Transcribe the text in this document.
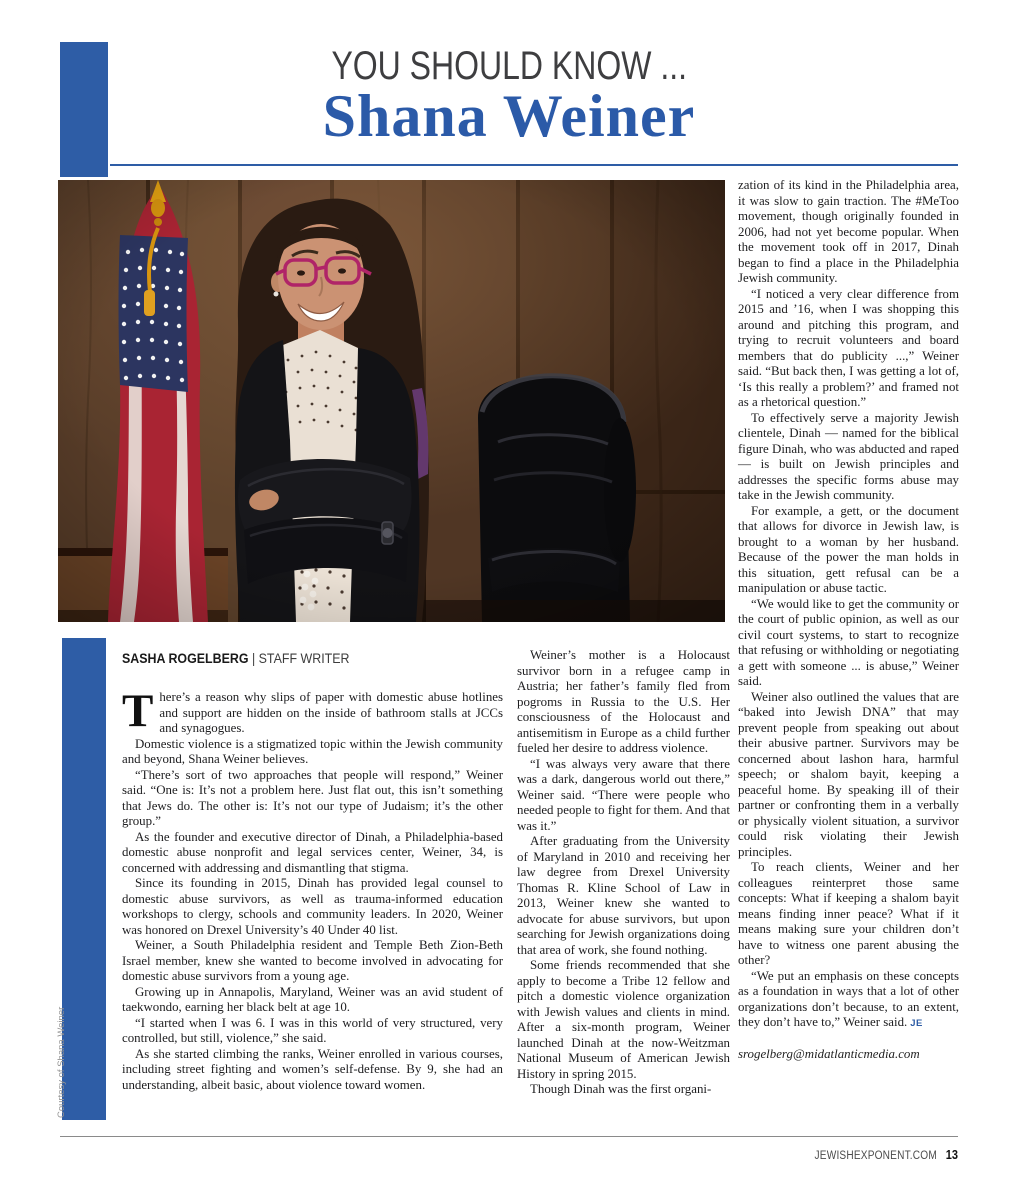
YOU SHOULD KNOW ...
Shana Weiner
SASHA ROGELBERG | STAFF WRITER

There’s a reason why slips of paper with domestic abuse hotlines and support are hidden on the inside of bathroom stalls at JCCs and synagogues.

Domestic violence is a stigmatized topic within the Jewish community and beyond, Shana Weiner believes.

“There’s sort of two approaches that people will respond,” Weiner said. “One is: It’s not a problem here. Just flat out, this isn’t something that Jews do. The other is: It’s not our type of Judaism; it’s the other group.”

As the founder and executive director of Dinah, a Philadelphia-based domestic abuse nonprofit and legal services center, Weiner, 34, is concerned with addressing and dismantling that stigma.

Since its founding in 2015, Dinah has provided legal counsel to domestic abuse survivors, as well as trauma-informed education workshops to clergy, schools and community leaders. In 2020, Weiner was honored on Drexel University’s 40 Under 40 list.

Weiner, a South Philadelphia resident and Temple Beth Zion-Beth Israel member, knew she wanted to become involved in advocating for domestic abuse survivors from a young age.

Growing up in Annapolis, Maryland, Weiner was an avid student of taekwondo, earning her black belt at age 10.

“I started when I was 6. I was in this world of very structured, very controlled, but still, violence,” she said.

As she started climbing the ranks, Weiner enrolled in various courses, including street fighting and women’s self-defense. By 9, she had an understanding, albeit basic, about violence toward women.

Weiner’s mother is a Holocaust survivor born in a refugee camp in Austria; her father’s family fled from pogroms in Russia to the U.S. Her consciousness of the Holocaust and antisemitism in Europe as a child further fueled her desire to address violence.

“I was always very aware that there was a dark, dangerous world out there,” Weiner said. “There were people who needed people to fight for them. And that was it.”

After graduating from the University of Maryland in 2010 and receiving her law degree from Drexel University Thomas R. Kline School of Law in 2013, Weiner knew she wanted to advocate for abuse survivors, but upon searching for Jewish organizations doing that area of work, she found nothing.

Some friends recommended that she apply to become a Tribe 12 fellow and pitch a domestic violence organization with Jewish values and clients in mind. After a six-month program, Weiner launched Dinah at the now-Weitzman National Museum of American Jewish History in spring 2015.

Though Dinah was the first organi-

zation of its kind in the Philadelphia area, it was slow to gain traction. The #MeToo movement, though originally founded in 2006, had not yet become popular. When the movement took off in 2017, Dinah began to find a place in the Philadelphia Jewish community.

“I noticed a very clear difference from 2015 and ’16, when I was shopping this around and pitching this program, and trying to recruit volunteers and board members that do publicity ...,” Weiner said. “But back then, I was getting a lot of, ‘Is this really a problem?’ and framed not as a rhetorical question.”

To effectively serve a majority Jewish clientele, Dinah — named for the biblical figure Dinah, who was abducted and raped — is built on Jewish principles and addresses the specific forms abuse may take in the Jewish community.

For example, a gett, or the document that allows for divorce in Jewish law, is brought to a woman by her husband. Because of the power the man holds in this situation, gett refusal can be a manipulation or abuse tactic.

“We would like to get the community or the court of public opinion, as well as our civil court systems, to start to recognize that refusing or withholding or negotiating a gett with someone ... is abuse,” Weiner said.

Weiner also outlined the values that are “baked into Jewish DNA” that may prevent people from speaking out about their abusive partner. Survivors may be concerned about lashon hara, harmful speech; or shalom bayit, keeping a peaceful home. By speaking ill of their partner or confronting them in a verbally or physically violent situation, a survivor could risk violating their Jewish principles.

To reach clients, Weiner and her colleagues reinterpret those same concepts: What if keeping a shalom bayit means finding inner peace? What if it means making sure your children don’t have to witness one parent abusing the other?

“We put an emphasis on these concepts as a foundation in ways that a lot of other organizations don’t because, to an extent, they don’t have to,” Weiner said. JE

srogelberg@midatlanticmedia.com

Courtesy of Shana Weiner
JEWISHEXPONENT.COM 13
